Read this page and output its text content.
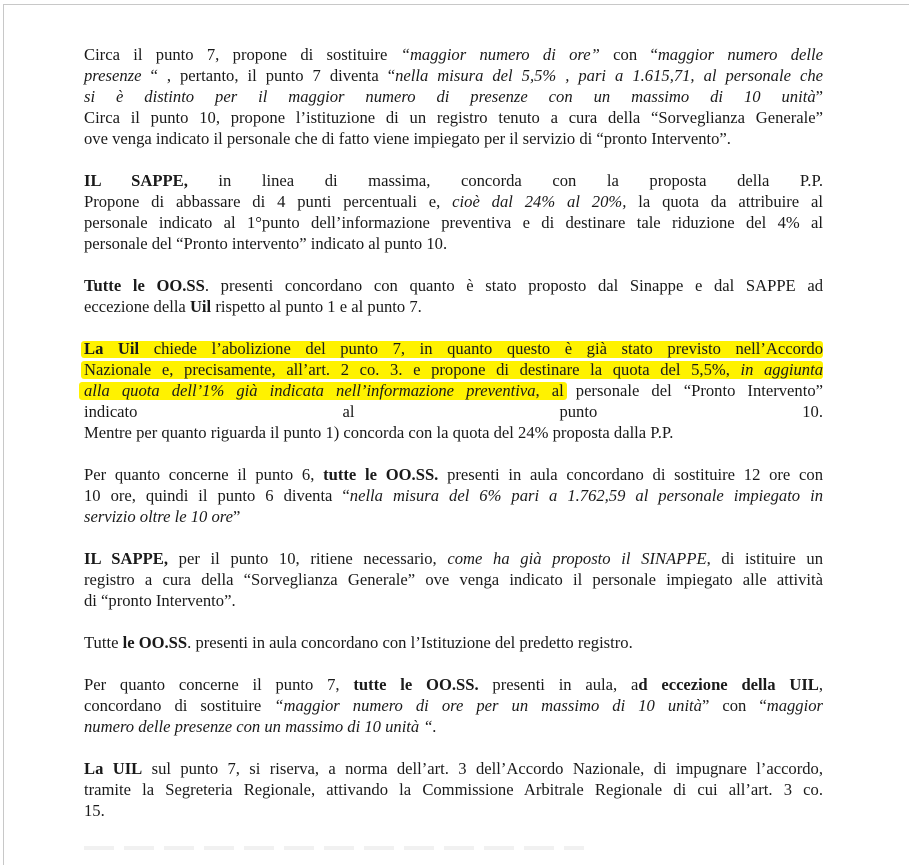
Circa il punto 7, propone di sostituire “maggior numero di ore” con “maggior numero delle
presenze “ , pertanto, il punto 7 diventa “nella misura del 5,5% , pari a 1.615,71, al personale che
si è distinto per il maggior numero di presenze con un massimo di 10 unità”
Circa il punto 10, propone l’istituzione di un registro tenuto a cura della “Sorveglianza Generale”
ove venga indicato il personale che di fatto viene impiegato per il servizio di “pronto Intervento”.
IL SAPPE, in linea di massima, concorda con la proposta della P.P.
Propone di abbassare di 4 punti percentuali e, cioè dal 24% al 20%, la quota da attribuire al
personale indicato al 1°punto dell’informazione preventiva e di destinare tale riduzione del 4% al
personale del “Pronto intervento” indicato al punto 10.
Tutte le OO.SS. presenti concordano con quanto è stato proposto dal Sinappe e dal SAPPE ad
eccezione della Uil rispetto al punto 1 e al punto 7.
La Uil chiede l’abolizione del punto 7, in quanto questo è già stato previsto nell’Accordo
Nazionale e, precisamente, all’art. 2 co. 3. e propone di destinare la quota del 5,5%, in aggiunta
alla quota dell’1% già indicata nell’informazione preventiva, al personale del “Pronto Intervento”
indicato al punto 10.
Mentre per quanto riguarda il punto 1) concorda con la quota del 24% proposta dalla P.P.
Per quanto concerne il punto 6, tutte le OO.SS. presenti in aula concordano di sostituire 12 ore con
10 ore, quindi il punto 6 diventa “nella misura del 6% pari a 1.762,59 al personale impiegato in
servizio oltre le 10 ore”
IL SAPPE, per il punto 10, ritiene necessario, come ha già proposto il SINAPPE, di istituire un
registro a cura della “Sorveglianza Generale” ove venga indicato il personale impiegato alle attività
di “pronto Intervento”.
Tutte le OO.SS. presenti in aula concordano con l’Istituzione del predetto registro.
Per quanto concerne il punto 7, tutte le OO.SS. presenti in aula, ad eccezione della UIL,
concordano di sostituire “maggior numero di ore per un massimo di 10 unità” con “maggior
numero delle presenze con un massimo di 10 unità “.
La UIL sul punto 7, si riserva, a norma dell’art. 3 dell’Accordo Nazionale, di impugnare l’accordo,
tramite la Segreteria Regionale, attivando la Commissione Arbitrale Regionale di cui all’art. 3 co.
15.
